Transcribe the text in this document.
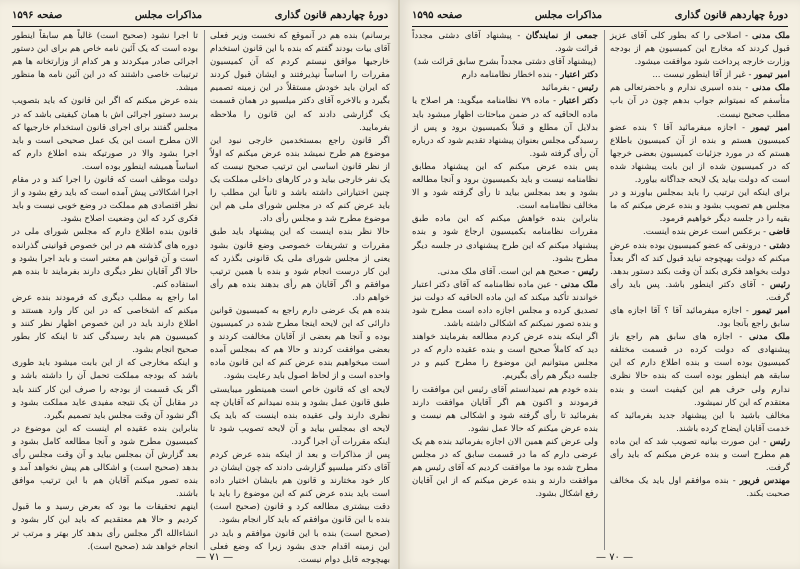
دورهٔ چهاردهم قانون گذاری
مذاکرات مجلس
صفحه ۱۵۹۶

برسانم) بنده هم در آنموقع که نخست وزیر فعلی آقای بیات بودند گفتم که بنده با این قانون استخدام خارجیها موافق نیستم کردم که آن کمیسیون مقررات را اساساً نپذیرفتند و ایشان قبول کردند که ایران باید خودش مستقلاً در این زمینه تصمیم بگیرد و بالاخره آقای دکتر میلسپو در همان قسمت یک گزارشی دادند که این قانون را ملاحظه بفرمایید.

اگر قانون راجع بمستخدمین خارجی نبود این موضوع هم طرح نمیشد بنده عرض میکنم که اولاً از نظر قانون اساسی این ترتیب صحیح نیست که یک نفر خارجی بیاید و در کارهای داخلی مملکت یک چنین اختیاراتی داشته باشد و ثانیاً این مطلب را باید عرض کنم که در مجلس شورای ملی هم این موضوع مطرح شد و مجلس رأی داد.

حالا نظر بنده اینست که این پیشنهاد باید طبق مقررات و تشریفات خصوصی وضع قانون بشود یعنی از مجلس شورای ملی یک قانونی بگذرد که این کار درست انجام شود و بنده با همین ترتیب موافقم و اگر آقایان هم رأی بدهند بنده هم رأی خواهم داد.

بنده هم یک عرضی دارم راجع به کمیسیون قوانین دارائی که این لایحه اینجا مطرح شده در کمیسیون بوده و آنجا هم بعضی از آقایان مخالفت کردند و بعضی موافقت کردند و حالا هم که بمجلس آمده است میخواهیم بنده عرض کنم که این قانون ماده واحده است و از لحاظ اصول باید رعایت بشود.

لایحه ای که قانون خاص است همینطور میبایستی طبق قانون عمل بشود و بنده نمیدانم که آقایان چه نظری دارند ولی عقیده بنده اینست که باید یک لایحه ای بمجلس بیاید و آن لایحه تصویب شود تا اینکه مقررات آن اجرا گردد.

پس از مذاکرات و بعد از اینکه بنده عرض کردم آقای دکتر میلسپو گزارشی دادند که چون ایشان در کار خود مختارند و قانون هم بایشان اختیار داده است باید بنده عرض کنم که این موضوع را باید با دقت بیشتری مطالعه کرد و قانون (صحیح است) بنده با این قانون موافقم که باید کار انجام بشود.

(صحیح است) بنده با این قانون موافقم و باید در این زمینه اقدام جدی بشود زیرا که وضع فعلی بهیچوجه قابل دوام نیست.

تا اجرا نشود (صحیح است) غالباً هم سابقاً اینطور بوده است که یک آئین نامه خاص هم برای این دستور اجرائی صادر میکردند و هر کدام از وزارتخانه ها هم ترتیبات خاصی داشتند که در این آئین نامه ها منظور میشد.

بنده عرض میکنم که اگر این قانون که باید بتصویب برسد دستور اجرائی اش با همان کیفیتی باشد که در مجلس گفتند برای اجرای قانون استخدام خارجیها که الان مطرح است این یک عمل صحیحی است و باید اجرا بشود والا در صورتیکه بنده اطلاع دارم که اساساً همیشه اینطور بوده است.

دولت موظف است که قانون را اجرا کند و در مقام اجرا اشکالاتی پیش آمده است که باید رفع بشود و از نظر اقتصادی هم مملکت در وضع خوبی نیست و باید فکری کرد که این وضعیت اصلاح بشود.

قانون بنده اطلاع دارم که مجلس شورای ملی در دوره های گذشته هم در این خصوص قوانینی گذرانده است و آن قوانین هم معتبر است و باید اجرا بشود و حالا اگر آقایان نظر دیگری دارند بفرمایند تا بنده هم استفاده کنم.

اما راجع به مطلب دیگری که فرمودند بنده عرض میکنم که اشخاصی که در این کار وارد هستند و اطلاع دارند باید در این خصوص اظهار نظر کنند و کمیسیون هم باید رسیدگی کند تا اینکه کار بطور صحیح انجام بشود.

و اینکه مخارجی که از این بابت میشود باید طوری باشد که بودجه مملکت تحمل آن را داشته باشد و اگر یک قسمت از بودجه را صرف این کار کنند باید در مقابل آن یک نتیجه مفیدی عاید مملکت بشود و اگر نشود آن وقت مجلس باید تصمیم بگیرد.

بنابراین بنده عقیده ام اینست که این موضوع در کمیسیون مطرح شود و آنجا مطالعه کامل بشود و بعد گزارش آن بمجلس بیاید و آن وقت مجلس رأی بدهد (صحیح است) و اشکالی هم پیش نخواهد آمد و بنده تصور میکنم آقایان هم با این ترتیب موافق باشند.

اینهم تحقیقات ما بود که بعرض رسید و ما قبول کردیم و حالا هم معتقدیم که باید این کار بشود و انشاءالله اگر مجلس رأی بدهد کار بهتر و مرتب تر انجام خواهد شد (صحیح است).

— ۷۱ —
دورهٔ چهاردهم قانون گذاری
مذاکرات مجلس
صفحه ۱۵۹۵

ملک مدنی - اصلاحی را که بطور کلی آقای عزیز قبول کردند که مخارج این کمیسیون هم از بودجه وزارت خارجه پرداخت شود موافقت میشود.

امیر تیمور - غیر از آقا اینطور نیست ...

ملک مدنی - بنده اسیری ندارم و باحضرتعالی هم متأسفم که نمیتوانم جواب بدهم چون در آن باب مطلب صحیح نیست.

امیر تیمور - اجازه میفرمائید آقا ؟ بنده عضو کمیسیون هستم و بنده از آن کمیسیون باطلاع هستم که در مورد جزئیات کمیسیون بعضی خرجها که در کمیسیون شده از این بابت پیشنهاد شده است که دولت بیاید یک لایحه جداگانه بیاورد.

برای اینکه این ترتیب را باید بمجلس بیاورند و در مجلس هم تصویب بشود و بنده عرض میکنم که ما بقیه را در جلسه دیگر خواهیم فرمود.

قاضی - برعکس است عرض بنده اینست.

دشتی - درونقی که عضو کمیسیون بوده بنده عرض میکنم که دولت بهیچوجه نباید قبول کند که اگر بعداً دولت بخواهد فکری بکند آن وقت بکند دستور بدهد.

رئیس - آقای دکتر اینطور باشد. پس باید رأی گرفت.

امیر تیمور - اجازه میفرمائید آقا ؟ آقا اجازه های سابق راجع بآنجا بود.

ملک مدنی - اجازه های سابق هم راجع باز پیشنهادی که دولت کرده در قسمت مختلفه کمیسیون بوده است و بنده اطلاع دارم که این سابقه هم اینطور بوده است که بنده حالا نظری ندارم ولی حرف هم این کیفیت است و بنده معتقدم که این کار نمیشود.

مخالف باشید با این پیشنهاد جدید بفرمائید که خدمت آقایان ایضاح کرده باشند.

رئیس - این صورت بیانیه تصویب شد که این ماده هم مطرح است و بنده عرض میکنم که باید رأی گرفت.

مهندس فریور - بنده موافقم اول باید یک مخالف صحبت بکند.

جمعی از نمایندگان - پیشنهاد آقای دشتی مجدداً قرائت شود.

(پیشنهاد آقای دشتی مجدداً بشرح سابق قرائت شد)

دکتر اعتبار - بنده اخطار نظامنامه دارم

رئیس - بفرمائید

دکتر اعتبار - ماده ۷۹ نظامنامه میگوید: هر اصلاح یا ماده الحاقیه که در ضمن مباحثات اظهار میشود باید بدلایل آن مطلع و قبلاً بکمیسیون برود و پس از رسیدگی مجلس بعنوان پیشنهاد تقدیم شود که درباره آن رأی گرفته شود.

پس بنده عرض میکنم که این پیشنهاد مطابق نظامنامه نیست و باید بکمیسیون برود و آنجا مطالعه بشود و بعد بمجلس بیاید تا رأی گرفته شود و الا مخالف نظامنامه است.

بنابراین بنده خواهش میکنم که این ماده طبق مقررات نظامنامه بکمیسیون ارجاع شود و بنده پیشنهاد میکنم که این طرح پیشنهادی در جلسه دیگر مطرح بشود.

رئیس - صحیح هم این است. آقای ملک مدنی.

ملک مدنی - عین ماده نظامنامه که آقای دکتر اعتبار خواندند تأکید میکند که این ماده الحاقیه که دولت نیز تصدیق کرده و مجلس اجازه داده است مطرح شود و بنده تصور نمیکنم که اشکالی داشته باشد.

اگر اینکه بنده عرض کردم مطالعه بفرمایند خواهند دید که کاملاً صحیح است و بنده عقیده دارم که در مجلس میتوانیم این موضوع را مطرح کنیم و در جلسه دیگر هم رأی بگیریم.

بنده خودم هم نمیدانستم آقای رئیس این موافقت را فرمودند و اکنون هم اگر آقایان موافقت دارند بفرمائید تا رأی گرفته شود و اشکالی هم نیست و بنده عرض میکنم که حالا عمل نشود.

ولی عرض کنم همین الان اجازه بفرمائید بنده هم یک عرضی دارم که ما در قسمت سابق که در مجلس مطرح شده بود ما موافقت کردیم که آقای رئیس هم موافقت دارند و بنده عرض میکنم که از این آقایان رفع اشکال بشود.

— ۷۰ —
